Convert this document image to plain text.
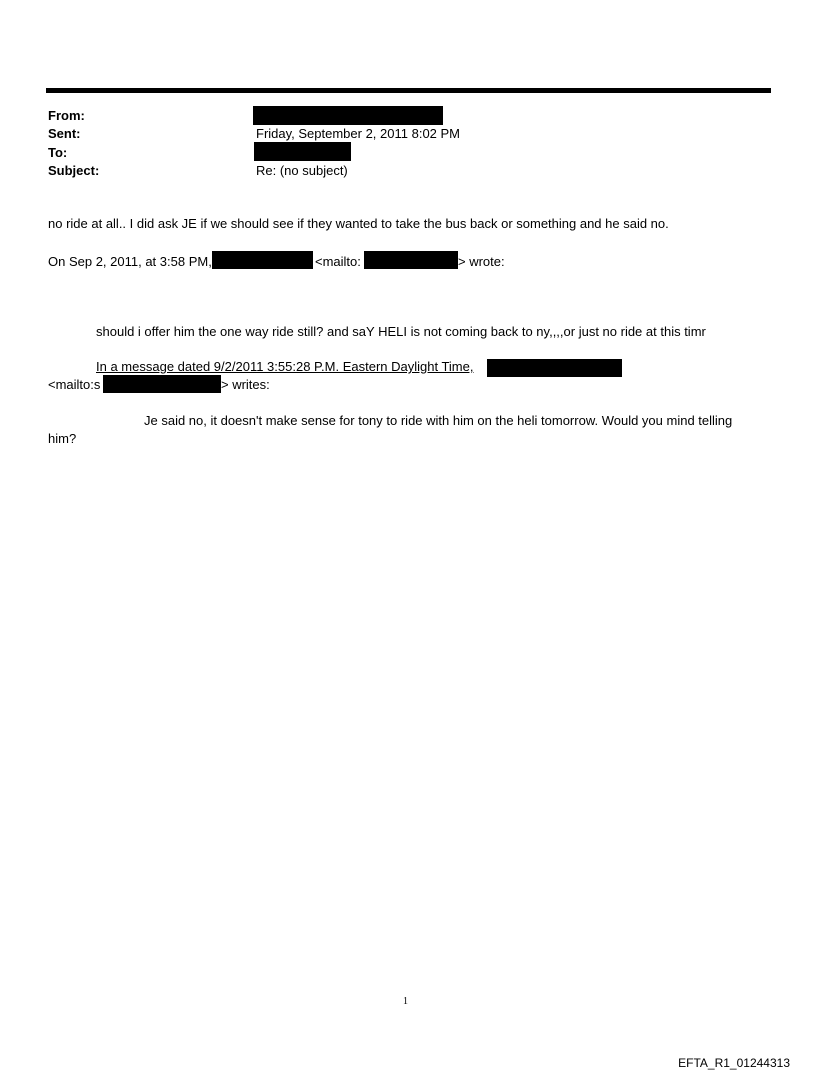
From:
Sent:	Friday, September 2, 2011 8:02 PM
To:
Subject:	Re: (no subject)
no ride at all.. I did ask JE if we should see if they wanted to take the bus back or something and he said no.
On Sep 2, 2011, at 3:58 PM,	<mailto:	> wrote:
should i offer him the one way ride still? and saY HELI is not coming back to ny,,,,or just no ride at this timr
In a message dated 9/2/2011 3:55:28 P.M. Eastern Daylight Time,
<mailto:s	> writes:
Je said no, it doesn't make sense for tony to ride with him on the heli tomorrow. Would you mind telling
him?
1
EFTA_R1_01244313
